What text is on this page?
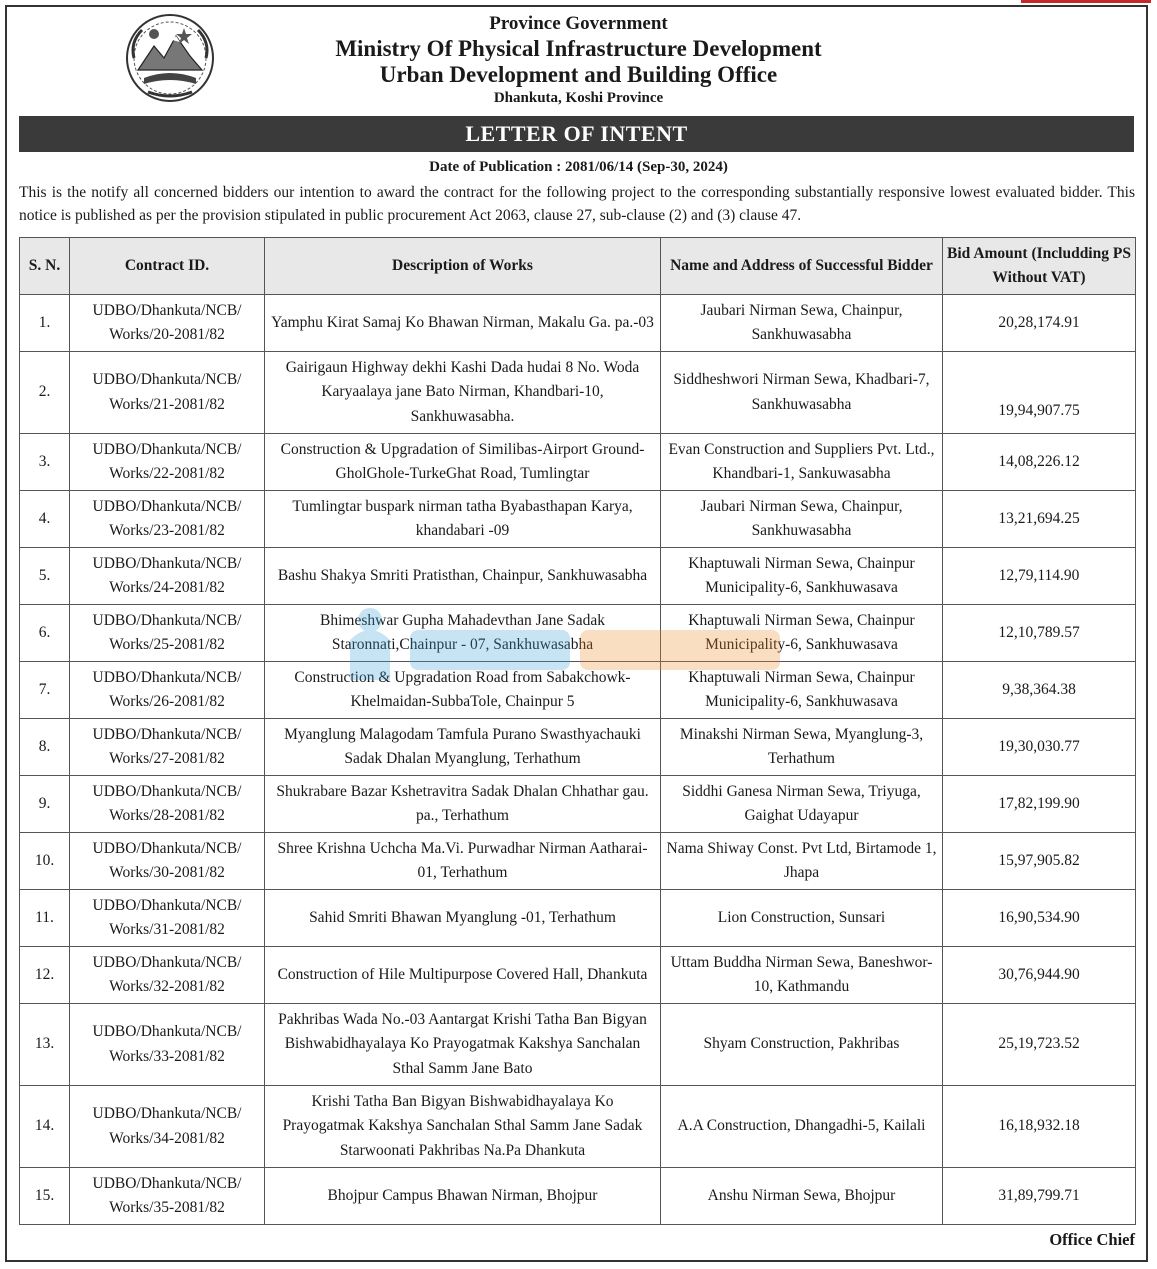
Province Government
Ministry Of Physical Infrastructure Development
Urban Development and Building Office
Dhankuta, Koshi Province
LETTER OF INTENT
Date of Publication : 2081/06/14 (Sep-30, 2024)
This is the notify all concerned bidders our intention to award the contract for the following project to the corresponding substantially responsive lowest evaluated bidder. This notice is published as per the provision stipulated in public procurement Act 2063, clause 27, sub-clause (2) and (3) clause 47.
S. N.	Contract ID.	Description of Works	Name and Address of Successful Bidder	Bid Amount (Includding PS Without VAT)
1.	UDBO/Dhankuta/NCB/ Works/20-2081/82	Yamphu Kirat Samaj Ko Bhawan Nirman, Makalu Ga. pa.-03	Jaubari Nirman Sewa, Chainpur, Sankhuwasabha	20,28,174.91
2.	UDBO/Dhankuta/NCB/ Works/21-2081/82	Gairigaun Highway dekhi Kashi Dada hudai 8 No. Woda Karyaalaya jane Bato Nirman, Khandbari-10, Sankhuwasabha.	Siddheshwori Nirman Sewa, Khadbari-7, Sankhuwasabha	19,94,907.75
3.	UDBO/Dhankuta/NCB/ Works/22-2081/82	Construction & Upgradation of Similibas-Airport Ground-GholGhole-TurkeGhat Road, Tumlingtar	Evan Construction and Suppliers Pvt. Ltd., Khandbari-1, Sankuwasabha	14,08,226.12
4.	UDBO/Dhankuta/NCB/ Works/23-2081/82	Tumlingtar buspark nirman tatha Byabasthapan Karya, khandabari -09	Jaubari Nirman Sewa, Chainpur, Sankhuwasabha	13,21,694.25
5.	UDBO/Dhankuta/NCB/ Works/24-2081/82	Bashu Shakya Smriti Pratisthan, Chainpur, Sankhuwasabha	Khaptuwali Nirman Sewa, Chainpur Municipality-6, Sankhuwasava	12,79,114.90
6.	UDBO/Dhankuta/NCB/ Works/25-2081/82	Bhimeshwar Gupha Mahadevthan Jane Sadak Staronnati,Chainpur - 07, Sankhuwasabha	Khaptuwali Nirman Sewa, Chainpur Municipality-6, Sankhuwasava	12,10,789.57
7.	UDBO/Dhankuta/NCB/ Works/26-2081/82	Construction & Upgradation Road from Sabakchowk-Khelmaidan-SubbaTole, Chainpur 5	Khaptuwali Nirman Sewa, Chainpur Municipality-6, Sankhuwasava	9,38,364.38
8.	UDBO/Dhankuta/NCB/ Works/27-2081/82	Myanglung Malagodam Tamfula Purano Swasthyachauki Sadak Dhalan Myanglung, Terhathum	Minakshi Nirman Sewa, Myanglung-3, Terhathum	19,30,030.77
9.	UDBO/Dhankuta/NCB/ Works/28-2081/82	Shukrabare Bazar Kshetravitra Sadak Dhalan Chhathar gau. pa., Terhathum	Siddhi Ganesa Nirman Sewa, Triyuga, Gaighat Udayapur	17,82,199.90
10.	UDBO/Dhankuta/NCB/ Works/30-2081/82	Shree Krishna Uchcha Ma.Vi. Purwadhar Nirman Aatharai-01, Terhathum	Nama Shiway Const. Pvt Ltd, Birtamode 1, Jhapa	15,97,905.82
11.	UDBO/Dhankuta/NCB/ Works/31-2081/82	Sahid Smriti Bhawan Myanglung -01, Terhathum	Lion Construction, Sunsari	16,90,534.90
12.	UDBO/Dhankuta/NCB/ Works/32-2081/82	Construction of Hile Multipurpose Covered Hall, Dhankuta	Uttam Buddha Nirman Sewa, Baneshwor-10, Kathmandu	30,76,944.90
13.	UDBO/Dhankuta/NCB/ Works/33-2081/82	Pakhribas Wada No.-03 Aantargat Krishi Tatha Ban Bigyan Bishwabidhayalaya Ko Prayogatmak Kakshya Sanchalan Sthal Samm Jane Bato	Shyam Construction, Pakhribas	25,19,723.52
14.	UDBO/Dhankuta/NCB/ Works/34-2081/82	Krishi Tatha Ban Bigyan Bishwabidhayalaya Ko Prayogatmak Kakshya Sanchalan Sthal Samm Jane Sadak Starwoonati Pakhribas Na.Pa Dhankuta	A.A Construction, Dhangadhi-5, Kailali	16,18,932.18
15.	UDBO/Dhankuta/NCB/ Works/35-2081/82	Bhojpur Campus Bhawan Nirman, Bhojpur	Anshu Nirman Sewa, Bhojpur	31,89,799.71
Office Chief
